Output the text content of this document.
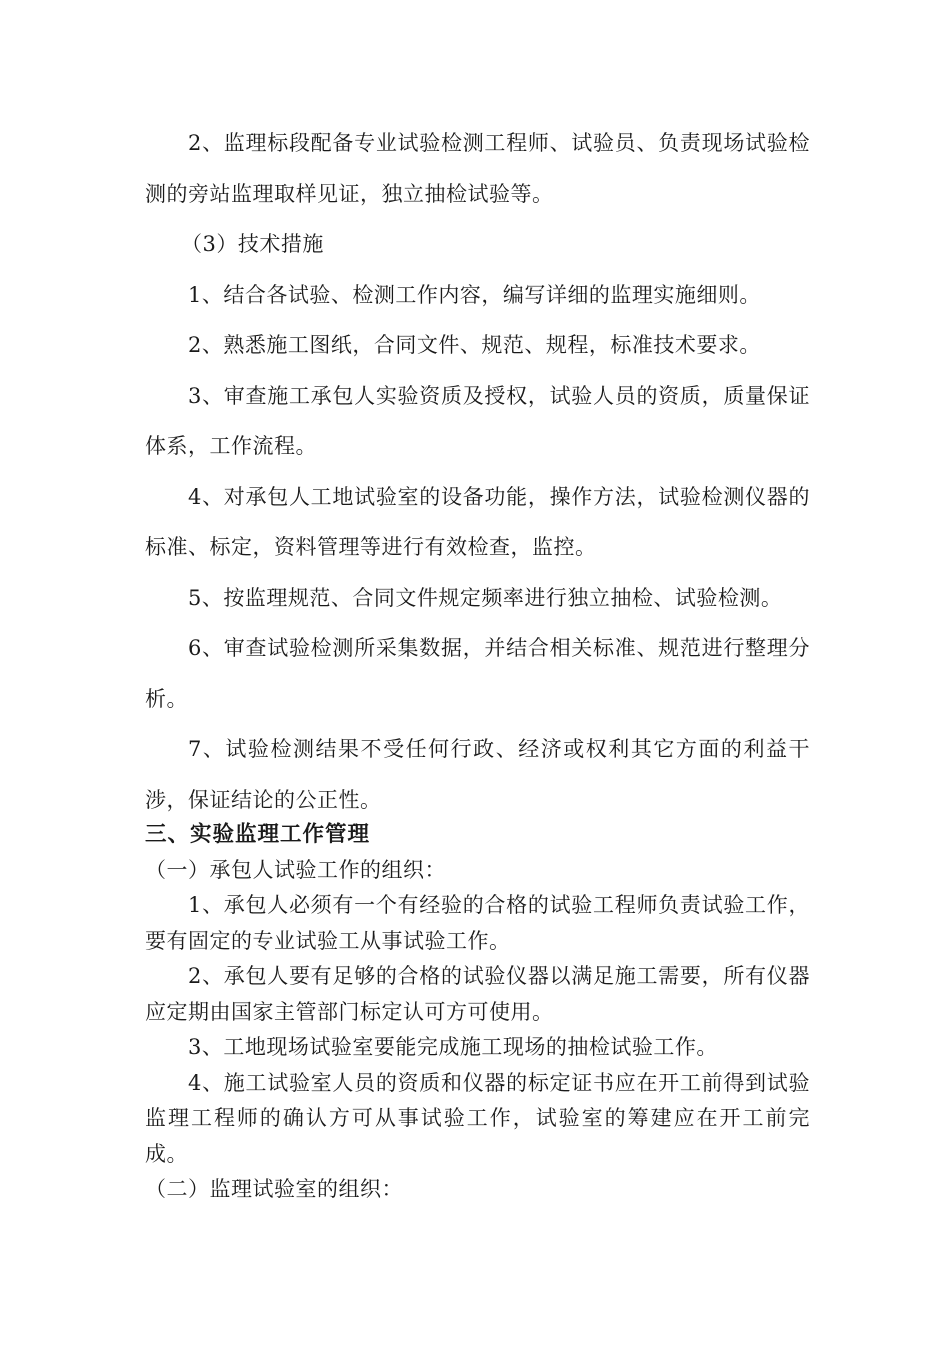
2、监理标段配备专业试验检测工程师、试验员、负责现场试验检测的旁站监理取样见证，独立抽检试验等。

（3）技术措施

1、结合各试验、检测工作内容，编写详细的监理实施细则。

2、熟悉施工图纸，合同文件、规范、规程，标准技术要求。

3、审查施工承包人实验资质及授权，试验人员的资质，质量保证体系，工作流程。

4、对承包人工地试验室的设备功能，操作方法，试验检测仪器的标准、标定，资料管理等进行有效检查，监控。

5、按监理规范、合同文件规定频率进行独立抽检、试验检测。

6、审查试验检测所采集数据，并结合相关标准、规范进行整理分析。

7、试验检测结果不受任何行政、经济或权利其它方面的利益干涉，保证结论的公正性。

三、实验监理工作管理

（一）承包人试验工作的组织：

1、承包人必须有一个有经验的合格的试验工程师负责试验工作，要有固定的专业试验工从事试验工作。

2、承包人要有足够的合格的试验仪器以满足施工需要，所有仪器应定期由国家主管部门标定认可方可使用。

3、工地现场试验室要能完成施工现场的抽检试验工作。

4、施工试验室人员的资质和仪器的标定证书应在开工前得到试验监理工程师的确认方可从事试验工作，试验室的筹建应在开工前完成。

（二）监理试验室的组织：
